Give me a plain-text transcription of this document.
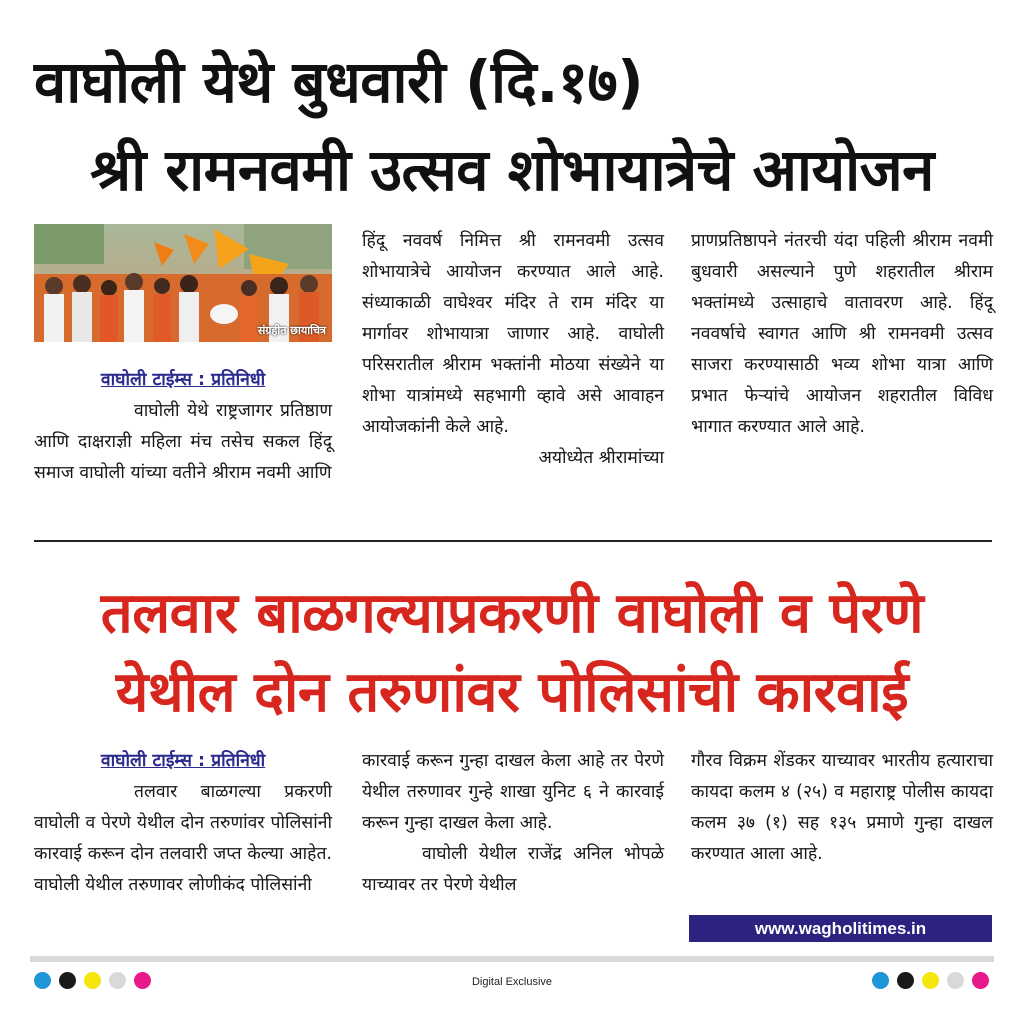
वाघोली येथे बुधवारी (दि.१७)
श्री रामनवमी उत्सव शोभायात्रेचे आयोजन
संग्रहीत छायाचित्र
वाघोली टाईम्स : प्रतिनिधी

वाघोली येथे राष्ट्रजागर प्रतिष्ठाण आणि दाक्षराज्ञी महिला मंच तसेच सकल हिंदू समाज वाघोली यांच्या वतीने श्रीराम नवमी आणि

हिंदू नववर्ष निमित्त श्री रामनवमी उत्सव शोभायात्रेचे आयोजन करण्यात आले आहे. संध्याकाळी वाघेश्वर मंदिर ते राम मंदिर या मार्गावर शोभायात्रा जाणार आहे. वाघोली परिसरातील श्रीराम भक्तांनी मोठया संख्येने या शोभा यात्रांमध्ये सहभागी व्हावे असे आवाहन आयोजकांनी केले आहे.

अयोध्येत श्रीरामांच्या

प्राणप्रतिष्ठापने नंतरची यंदा पहिली श्रीराम नवमी बुधवारी असल्याने पुणे शहरातील श्रीराम भक्तांमध्ये उत्साहाचे वातावरण आहे. हिंदू नववर्षाचे स्वागत आणि श्री रामनवमी उत्सव साजरा करण्यासाठी भव्य शोभा यात्रा आणि प्रभात फेऱ्यांचे आयोजन शहरातील विविध भागात करण्यात आले आहे.

तलवार बाळगल्याप्रकरणी वाघोली व पेरणे
येथील दोन तरुणांवर पोलिसांची कारवाई
वाघोली टाईम्स : प्रतिनिधी

तलवार बाळगल्या प्रकरणी वाघोली व पेरणे येथील दोन तरुणांवर पोलिसांनी कारवाई करून दोन तलवारी जप्त केल्या आहेत. वाघोली येथील तरुणावर लोणीकंद पोलिसांनी

कारवाई करून गुन्हा दाखल केला आहे तर पेरणे येथील तरुणावर गुन्हे शाखा युनिट ६ ने कारवाई करून गुन्हा दाखल केला आहे.

वाघोली येथील राजेंद्र अनिल भोपळे याच्यावर तर पेरणे येथील

गौरव विक्रम शेंडकर याच्यावर भारतीय हत्याराचा कायदा कलम ४ (२५) व महाराष्ट्र पोलीस कायदा कलम ३७ (१) सह १३५ प्रमाणे गुन्हा दाखल करण्यात आला आहे.

www.wagholitimes.in
Digital Exclusive
